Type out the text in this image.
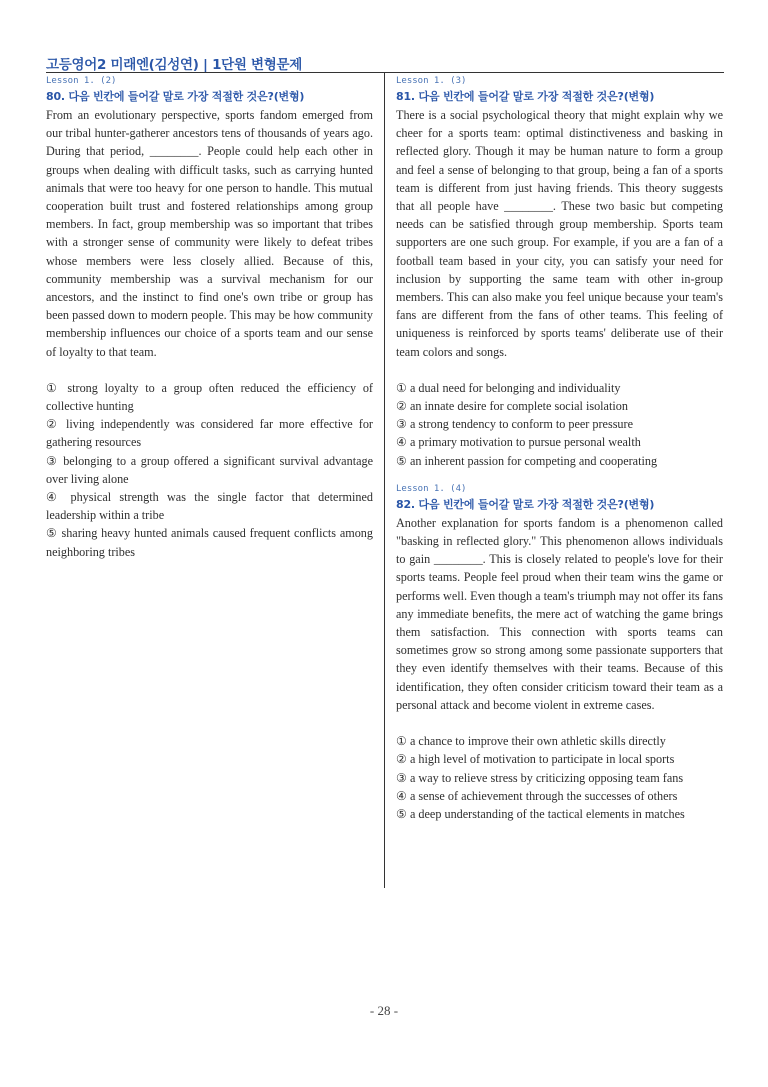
고등영어2 미래엔(김성연) | 1단원 변형문제
Lesson 1. (2)
80. 다음 빈칸에 들어갈 말로 가장 적절한 것은?(변형)

From an evolutionary perspective, sports fandom emerged from our tribal hunter-gatherer ancestors tens of thousands of years ago. During that period, ________. People could help each other in groups when dealing with difficult tasks, such as carrying hunted animals that were too heavy for one person to handle. This mutual cooperation built trust and fostered relationships among group members. In fact, group membership was so important that tribes with a stronger sense of community were likely to defeat tribes whose members were less closely allied. Because of this, community membership was a survival mechanism for our ancestors, and the instinct to find one's own tribe or group has been passed down to modern people. This may be how community membership influences our choice of a sports team and our sense of loyalty to that team.

① strong loyalty to a group often reduced the efficiency of collective hunting
② living independently was considered far more effective for gathering resources
③ belonging to a group offered a significant survival advantage over living alone
④ physical strength was the single factor that determined leadership within a tribe
⑤ sharing heavy hunted animals caused frequent conflicts among neighboring tribes
Lesson 1. (3)
81. 다음 빈칸에 들어갈 말로 가장 적절한 것은?(변형)

There is a social psychological theory that might explain why we cheer for a sports team: optimal distinctiveness and basking in reflected glory. Though it may be human nature to form a group and feel a sense of belonging to that group, being a fan of a sports team is different from just having friends. This theory suggests that all people have ________. These two basic but competing needs can be satisfied through group membership. Sports team supporters are one such group. For example, if you are a fan of a football team based in your city, you can satisfy your need for inclusion by supporting the same team with other in-group members. This can also make you feel unique because your team's fans are different from the fans of other teams. This feeling of uniqueness is reinforced by sports teams' deliberate use of their team colors and songs.

① a dual need for belonging and individuality
② an innate desire for complete social isolation
③ a strong tendency to conform to peer pressure
④ a primary motivation to pursue personal wealth
⑤ an inherent passion for competing and cooperating
Lesson 1. (4)
82. 다음 빈칸에 들어갈 말로 가장 적절한 것은?(변형)

Another explanation for sports fandom is a phenomenon called "basking in reflected glory." This phenomenon allows individuals to gain ________. This is closely related to people's love for their sports teams. People feel proud when their team wins the game or performs well. Even though a team's triumph may not offer its fans any immediate benefits, the mere act of watching the game brings them satisfaction. This connection with sports teams can sometimes grow so strong among some passionate supporters that they even identify themselves with their teams. Because of this identification, they often consider criticism toward their team as a personal attack and become violent in extreme cases.

① a chance to improve their own athletic skills directly
② a high level of motivation to participate in local sports
③ a way to relieve stress by criticizing opposing team fans
④ a sense of achievement through the successes of others
⑤ a deep understanding of the tactical elements in matches
- 28 -
